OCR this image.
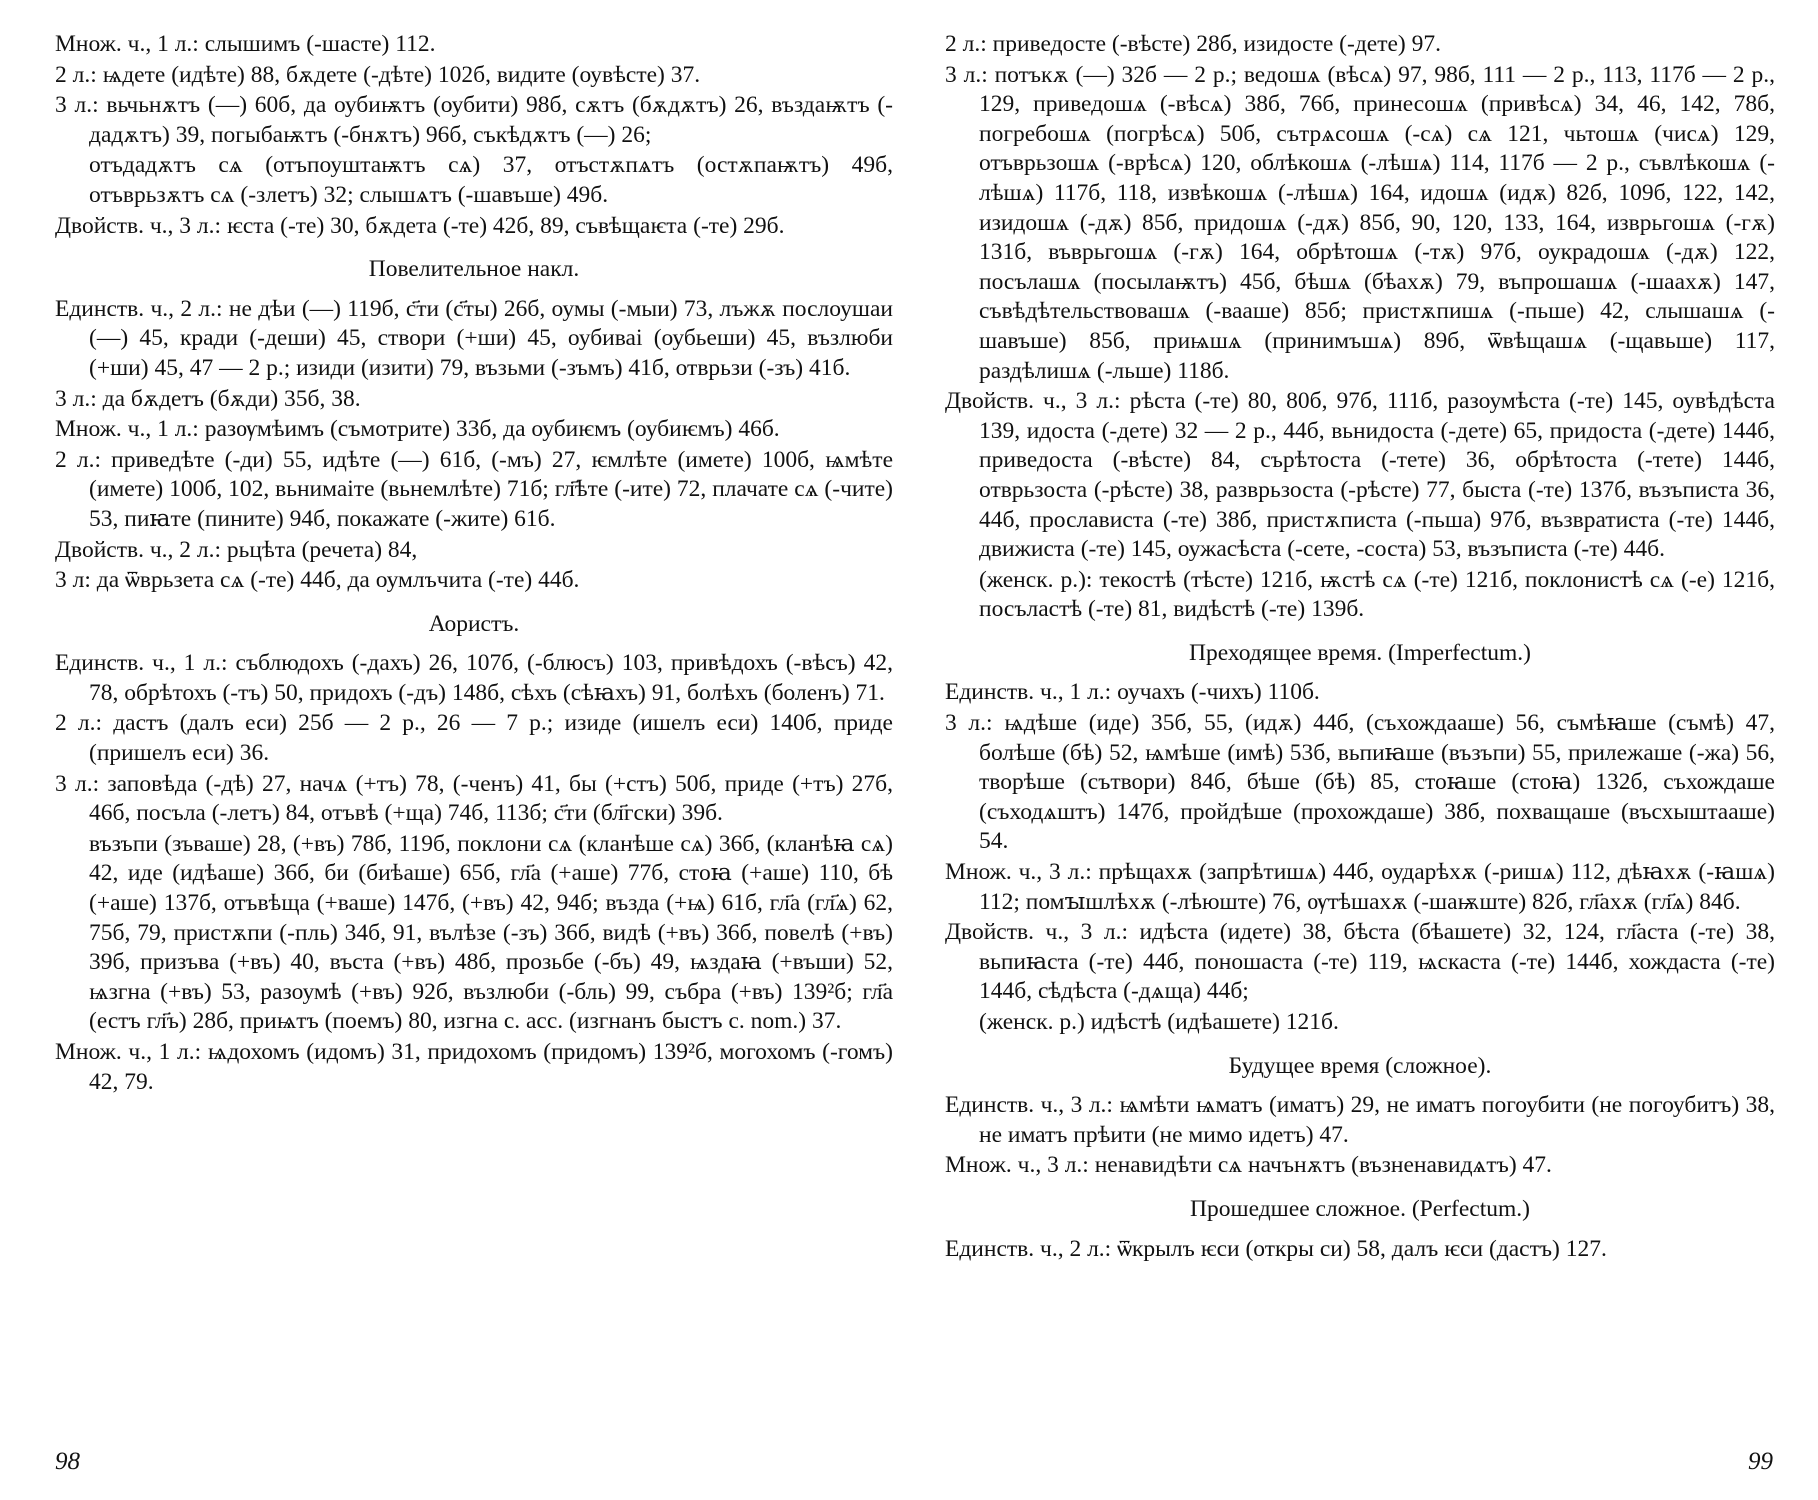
Множ. ч., 1 л.: слышимъ (-шасте) 112.
2 л.: ѩдете (идѣте) 88, бѫдете (-дѣте) 102б, видите (оувѣсте) 37.
3 л.: вьчьнѫтъ (—) 60б, да оубиѭтъ (оубити) 98б, сѫтъ (бѫдѫтъ) 26, въздаѭтъ (-дадѫтъ) 39, погыбаѭтъ (-бнѫтъ) 96б, съкѣдѫтъ (—) 26;
отъдадѫтъ сѧ (отъпоуштаѭтъ сѧ) 37, отъстѫпѧтъ (остѫпаѭтъ) 49б, отъврьзѫтъ сѧ (-злетъ) 32; слышѧтъ (-шавъше) 49б.
Двойств. ч., 3 л.: ѥста (-те) 30, бѫдета (-те) 42б, 89, съвѣщаѥта (-те) 29б.
Повелительное накл.
Единств. ч., 2 л.: не дѣи (—) 119б, с҃ти (с҃ты) 26б, оумы (-мыи) 73, лъжѫ послоушаи (—) 45, кради (-деши) 45, створи (+ши) 45, оубиваі (оубьеши) 45, възлюби (+ши) 45, 47 — 2 р.; изиди (изити) 79, възьми (-зъмъ) 41б, отврьзи (-зъ) 41б.
3 л.: да бѫдетъ (бѫди) 35б, 38.
Множ. ч., 1 л.: разѹмѣимъ (съмотрите) 33б, да оубиѥмъ (оубиѥмъ) 46б.
2 л.: приведѣте (-ди) 55, идѣте (—) 61б, (-мъ) 27, ѥмлѣте (имете) 100б, ѩмѣте (имете) 100б, 102, вьнимаіте (вьнемлѣте) 71б; гл҃ѣте (-ите) 72, плачате сѧ (-чите) 53, пиꙗте (пините) 94б, покажате (-жите) 61б.
Двойств. ч., 2 л.: рьцѣта (речета) 84,
3 л: да ѿврьзета сѧ (-те) 44б, да оумлъчита (-те) 44б.
Аористъ.
Единств. ч., 1 л.: съблюдохъ (-дахъ) 26, 107б, (-блюсъ) 103, привѣдохъ (-вѣсъ) 42, 78, обрѣтохъ (-тъ) 50, придохъ (-дъ) 148б, сѣхъ (сѣꙗхъ) 91, болѣхъ (боленъ) 71.
2 л.: дастъ (далъ еси) 25б — 2 р., 26 — 7 р.; изиде (ишелъ еси) 140б, приде (пришелъ еси) 36.
3 л.: заповѣда (-дѣ) 27, начѧ (+тъ) 78, (-ченъ) 41, бы (+стъ) 50б, приде (+тъ) 27б, 46б, посъла (-летъ) 84, отъвѣ (+ща) 74б, 113б; с҃ти (бл҃гски) 39б.
възъпи (зъваше) 28, (+въ) 78б, 119б, поклони сѧ (кланѣше сѧ) 36б, (кланѣꙗ сѧ) 42, иде (идѣаше) 36б, би (биѣаше) 65б, гл҃а (+аше) 77б, стоꙗ (+аше) 110, бѣ (+аше) 137б, отъвѣща (+ваше) 147б, (+въ) 42, 94б; възда (+ѩ) 61б, гл҃а (гл҃ѧ) 62, 75б, 79, пристѫпи (-пль) 34б, 91, вълѣзе (-зъ) 36б, видѣ (+въ) 36б, повелѣ (+въ) 39б, призъва (+въ) 40, въста (+въ) 48б, прозьбе (-бъ) 49, ѩздаꙗ (+въши) 52, ѩзгна (+въ) 53, разоумѣ (+въ) 92б, възлюби (-бль) 99, събра (+въ) 139²б; гл҃а (естъ гл҃ъ) 28б, приѩтъ (поемъ) 80, изгна с. асс. (изгнанъ быстъ с. nom.) 37.
Множ. ч., 1 л.: ѩдохомъ (идомъ) 31, придохомъ (придомъ) 139²б, могохомъ (-гомъ) 42, 79.
2 л.: приведосте (-вѣсте) 28б, изидосте (-дете) 97.
3 л.: потъкѫ (—) 32б — 2 р.; ведошѧ (вѣсѧ) 97, 98б, 111 — 2 р., 113, 117б — 2 р., 129, приведошѧ (-вѣсѧ) 38б, 76б, принесошѧ (привѣсѧ) 34, 46, 142, 78б, погребошѧ (погрѣсѧ) 50б, сътрѧсошѧ (-сѧ) сѧ 121, чьтошѧ (чисѧ) 129, отъврьзошѧ (-врѣсѧ) 120, облѣкошѧ (-лѣшѧ) 114, 117б — 2 р., съвлѣкошѧ (-лѣшѧ) 117б, 118, извѣкошѧ (-лѣшѧ) 164, идошѧ (идѫ) 82б, 109б, 122, 142, изидошѧ (-дѫ) 85б, придошѧ (-дѫ) 85б, 90, 120, 133, 164, изврьгошѧ (-гѫ) 131б, въврьгошѧ (-гѫ) 164, обрѣтошѧ (-тѫ) 97б, оукрадошѧ (-дѫ) 122, посълашѧ (посылаѭтъ) 45б, бѣшѧ (бѣахѫ) 79, въпрошашѧ (-шаахѫ) 147, съвѣдѣтельствовашѧ (-вааше) 85б; пристѫпишѧ (-пьше) 42, слышашѧ (-шавъше) 85б, приѩшѧ (принимъшѧ) 89б, ѿвѣщашѧ (-щавьше) 117, раздѣлишѧ (-льше) 118б.
Двойств. ч., 3 л.: рѣста (-те) 80, 80б, 97б, 111б, разоумѣста (-те) 145, оувѣдѣста 139, идоста (-дете) 32 — 2 р., 44б, вьнидоста (-дете) 65, придоста (-дете) 144б, приведоста (-вѣсте) 84, сърѣтоста (-тете) 36, обрѣтоста (-тете) 144б, отврьзоста (-рѣсте) 38, разврьзоста (-рѣсте) 77, быста (-те) 137б, възъписта 36, 44б, прослависта (-те) 38б, пристѫписта (-пьша) 97б, възвратиста (-те) 144б, движиста (-те) 145, оужасѣста (-сете, -соста) 53, възъписта (-те) 44б.
(женск. р.): текостѣ (тѣсте) 121б, ѭстѣ сѧ (-те) 121б, поклонистѣ сѧ (-е) 121б, посъластѣ (-те) 81, видѣстѣ (-те) 139б.
Преходящее время. (Imperfectum.)
Единств. ч., 1 л.: оучахъ (-чихъ) 110б.
3 л.: ѩдѣше (иде) 35б, 55, (идѫ) 44б, (съхождааше) 56, съмѣꙗше (съмѣ) 47, болѣше (бѣ) 52, ѩмѣше (имѣ) 53б, вьпиꙗше (възъпи) 55, прилежаше (-жа) 56, творѣше (сътвори) 84б, бѣше (бѣ) 85, стоꙗше (стоꙗ) 132б, съхождаше (съходѧштъ) 147б, пройдѣше (прохождаше) 38б, похващаше (въсхыштааше) 54.
Множ. ч., 3 л.: прѣщахѫ (запрѣтишѧ) 44б, оударѣхѫ (-ришѧ) 112, дѣꙗхѫ (-ꙗшѧ) 112; помꙑшлѣхѫ (-лѣюште) 76, ѹтѣшахѫ (-шаѭште) 82б, гл҃ахѫ (гл҃ѧ) 84б.
Двойств. ч., 3 л.: идѣста (идете) 38, бѣста (бѣашете) 32, 124, гл҃аста (-те) 38, вьпиꙗста (-те) 44б, поношаста (-те) 119, ѩскаста (-те) 144б, хождаста (-те) 144б, сѣдѣста (-дѧща) 44б;
(женск. р.) идѣстѣ (идѣашете) 121б.
Будущее время (сложное).
Единств. ч., 3 л.: ѩмѣти ѩматъ (иматъ) 29, не иматъ погоубити (не погоубитъ) 38, не иматъ прѣити (не мимо идетъ) 47.
Множ. ч., 3 л.: ненавидѣти сѧ начънѫтъ (възненавидѧтъ) 47.
Прошедшее сложное. (Perfectum.)
Единств. ч., 2 л.: ѿкрылъ ѥси (откры си) 58, далъ ѥси (дастъ) 127.
98	99
